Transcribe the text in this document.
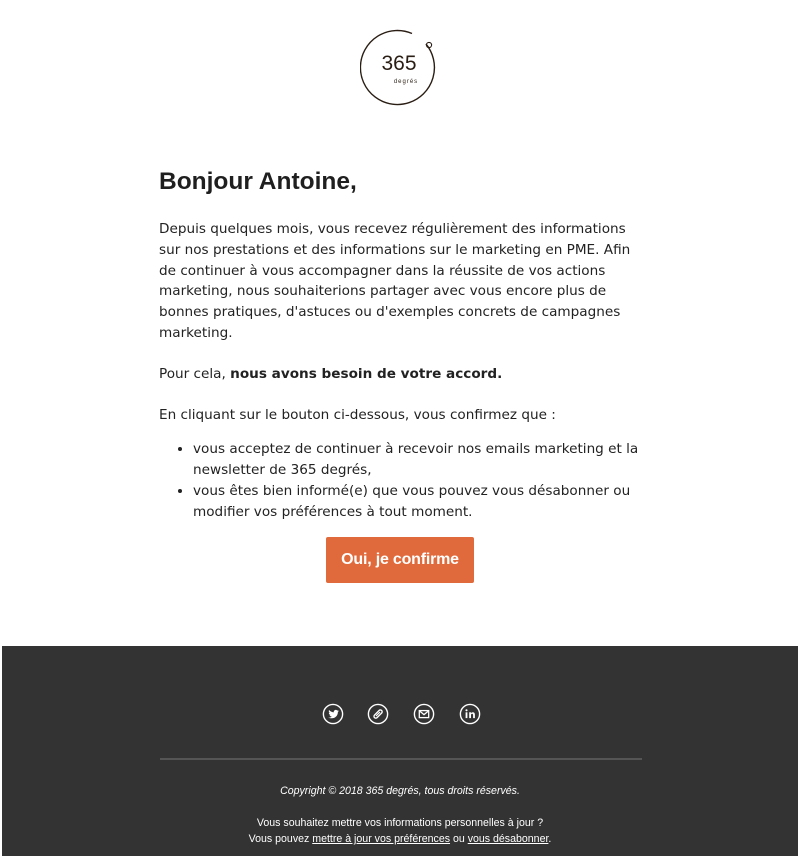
365
degrés
Bonjour Antoine,

Depuis quelques mois, vous recevez régulièrement des informations sur nos prestations et des informations sur le marketing en PME. Afin de continuer à vous accompagner dans la réussite de vos actions marketing, nous souhaiterions partager avec vous encore plus de bonnes pratiques, d'astuces ou d'exemples concrets de campagnes marketing.

Pour cela, nous avons besoin de votre accord.

En cliquant sur le bouton ci-dessous, vous confirmez que :

• vous acceptez de continuer à recevoir nos emails marketing et la newsletter de 365 degrés,
• vous êtes bien informé(e) que vous pouvez vous désabonner ou modifier vos préférences à tout moment.
Oui, je confirme
Copyright © 2018 365 degrés, tous droits réservés.
Vous souhaitez mettre vos informations personnelles à jour ?
Vous pouvez mettre à jour vos préférences ou vous désabonner.
